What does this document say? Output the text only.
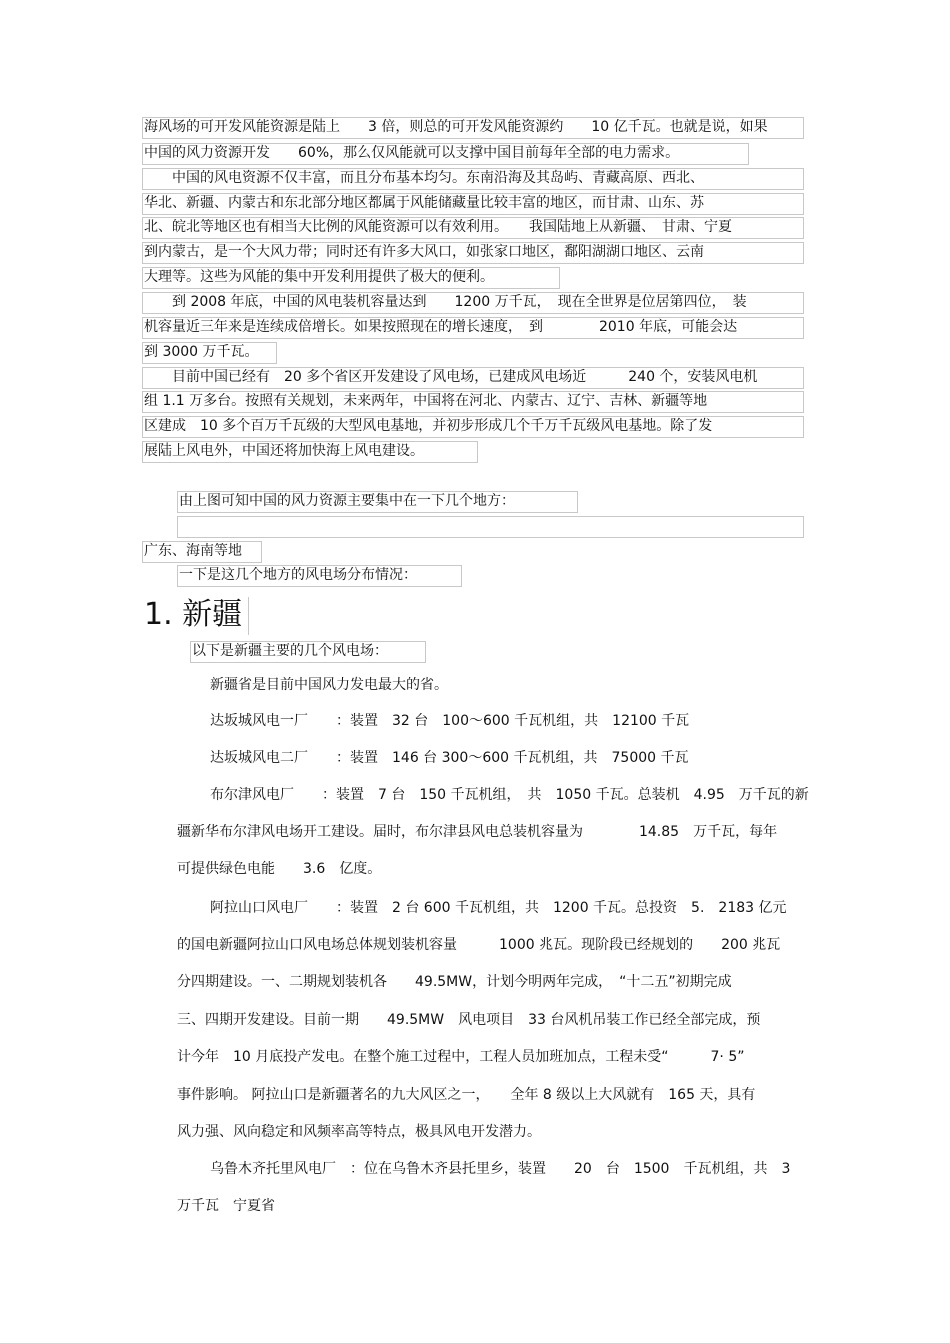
海风场的可开发风能资源是陆上　　3 倍，则总的可开发风能资源约　　10 亿千瓦。也就是说，如果
中国的风力资源开发　　60%，那么仅风能就可以支撑中国目前每年全部的电力需求。
　　中国的风电资源不仅丰富，而且分布基本均匀。东南沿海及其岛屿、青藏高原、西北、
华北、新疆、内蒙古和东北部分地区都属于风能储藏量比较丰富的地区，而甘肃、山东、苏
北、皖北等地区也有相当大比例的风能资源可以有效利用。　　我国陆地上从新疆、　甘肃、宁夏
到内蒙古，是一个大风力带；同时还有许多大风口，如张家口地区，鄱阳湖湖口地区、云南
大理等。这些为风能的集中开发利用提供了极大的便利。
　　到 2008 年底，中国的风电装机容量达到　　1200 万千瓦，　现在全世界是位居第四位，　装
机容量近三年来是连续成倍增长。如果按照现在的增长速度，　到　　　　2010 年底，可能会达
到 3000 万千瓦。
　　目前中国已经有　20 多个省区开发建设了风电场，已建成风电场近　　　240 个，安装风电机
组 1.1 万多台。按照有关规划，未来两年，中国将在河北、内蒙古、辽宁、吉林、新疆等地
区建成　10 多个百万千瓦级的大型风电基地，并初步形成几个千万千瓦级风电基地。除了发
展陆上风电外，中国还将加快海上风电建设。
由上图可知中国的风力资源主要集中在一下几个地方：
广东、海南等地
一下是这几个地方的风电场分布情况：
1. 新疆
以下是新疆主要的几个风电场：
新疆省是目前中国风力发电最大的省。
达坂城风电一厂　　：装置　32 台　100～600 千瓦机组，共　12100 千瓦
达坂城风电二厂　　：装置　146 台 300～600 千瓦机组，共　75000 千瓦
布尔津风电厂　　：装置　7 台　150 千瓦机组，　共　1050 千瓦。总装机　4.95　万千瓦的新
疆新华布尔津风电场开工建设。届时，布尔津县风电总装机容量为　　　　14.85　万千瓦，每年
可提供绿色电能　　3.6　亿度。
阿拉山口风电厂　　：装置　2 台 600 千瓦机组，共　1200 千瓦。总投资　5.　2183 亿元
的国电新疆阿拉山口风电场总体规划装机容量　　　1000 兆瓦。现阶段已经规划的　　200 兆瓦
分四期建设。一、二期规划装机各　　49.5MW，计划今明两年完成，　“十二五”初期完成
三、四期开发建设。目前一期　　49.5MW　风电项目　33 台风机吊装工作已经全部完成，预
计今年　10 月底投产发电。在整个施工过程中，工程人员加班加点，工程未受“　　　7· 5”
事件影响。 阿拉山口是新疆著名的九大风区之一，　　全年 8 级以上大风就有　165 天，具有
风力强、风向稳定和风频率高等特点，极具风电开发潜力。
乌鲁木齐托里风电厂　：位在乌鲁木齐县托里乡，装置　　20　台　1500　千瓦机组，共　3
万千瓦　宁夏省
